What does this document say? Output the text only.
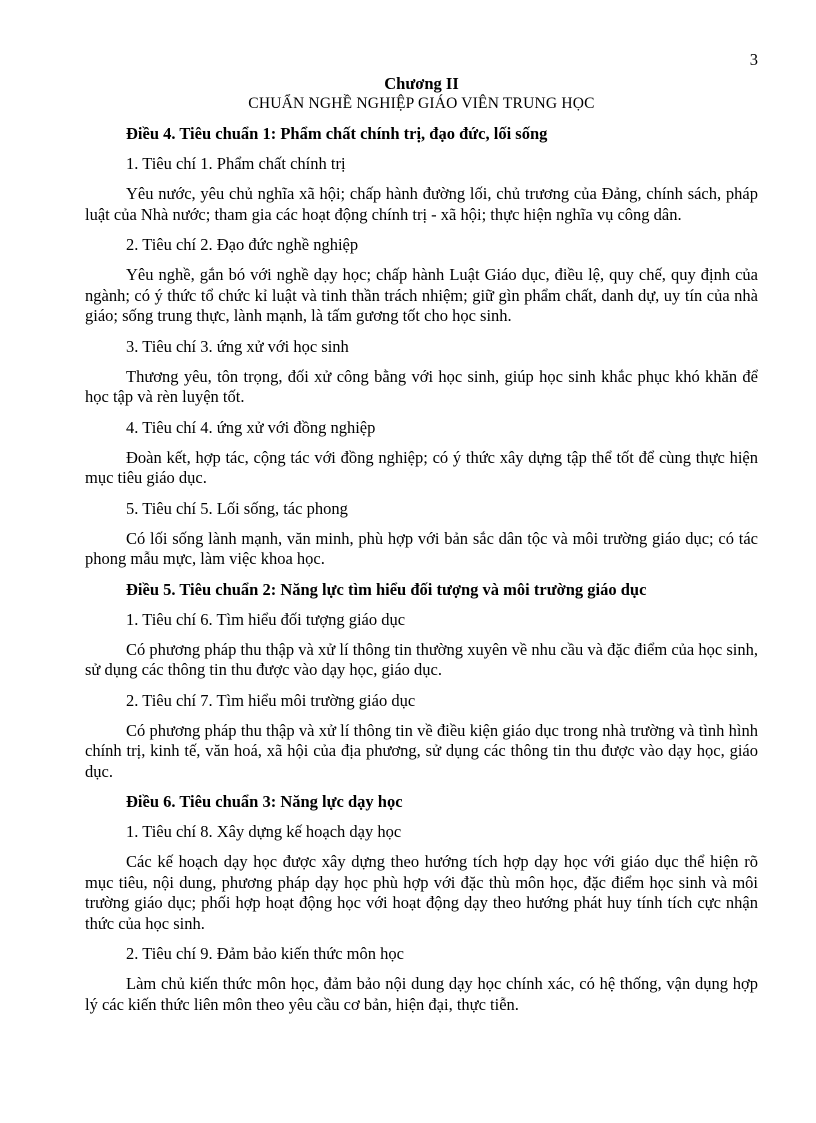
3

Chương II

CHUẨN NGHỀ NGHIỆP GIÁO VIÊN TRUNG HỌC

Điều 4. Tiêu chuẩn 1: Phẩm chất chính trị, đạo đức, lối sống

1. Tiêu chí 1. Phẩm chất chính trị

Yêu nước, yêu chủ nghĩa xã hội; chấp hành đường lối, chủ trương của Đảng, chính sách, pháp luật của Nhà nước; tham gia các hoạt động chính trị - xã hội; thực hiện nghĩa vụ công dân.

2. Tiêu chí 2. Đạo đức nghề nghiệp

Yêu nghề, gắn bó với nghề dạy học; chấp hành Luật Giáo dục, điều lệ, quy chế, quy định của ngành; có ý thức tổ chức kỉ luật và tinh thần trách nhiệm; giữ gìn phẩm chất, danh dự, uy tín của nhà giáo; sống trung thực, lành mạnh, là tấm gương tốt cho học sinh.

3. Tiêu chí 3. ứng xử với học sinh

Thương yêu, tôn trọng, đối xử công bằng với học sinh, giúp học sinh khắc phục khó khăn để học tập và rèn luyện tốt.

4. Tiêu chí 4. ứng xử với đồng nghiệp

Đoàn kết, hợp tác, cộng tác với đồng nghiệp; có ý thức xây dựng tập thể tốt để cùng thực hiện mục tiêu giáo dục.

5. Tiêu chí 5. Lối sống, tác phong

Có lối sống lành mạnh, văn minh, phù hợp với bản sắc dân tộc và môi trường giáo dục; có tác phong mẫu mực, làm việc khoa học.

Điều 5. Tiêu chuẩn 2: Năng lực tìm hiểu đối tượng và môi trường giáo dục

1. Tiêu chí 6. Tìm hiểu đối tượng giáo dục

Có phương pháp thu thập và xử lí thông tin thường xuyên về nhu cầu và đặc điểm của học sinh, sử dụng các thông tin thu được vào dạy học, giáo dục.

2. Tiêu chí 7. Tìm hiểu môi trường giáo dục

Có phương pháp thu thập và xử lí thông tin về điều kiện giáo dục trong nhà trường và tình hình chính trị, kinh tế, văn hoá, xã hội của địa phương, sử dụng các thông tin thu được vào dạy học, giáo dục.

Điều 6. Tiêu chuẩn 3: Năng lực dạy học

1. Tiêu chí 8. Xây dựng kế hoạch dạy học

Các kế hoạch dạy học được xây dựng theo hướng tích hợp dạy học với giáo dục thể hiện rõ mục tiêu, nội dung, phương pháp dạy học phù hợp với đặc thù môn học, đặc điểm học sinh và môi trường giáo dục; phối hợp hoạt động học với hoạt động dạy theo hướng phát huy tính tích cực nhận thức của học sinh.

2. Tiêu chí 9. Đảm bảo kiến thức môn học

Làm chủ kiến thức môn học, đảm bảo nội dung dạy học chính xác, có hệ thống, vận dụng hợp lý các kiến thức liên môn theo yêu cầu cơ bản, hiện đại, thực tiễn.
